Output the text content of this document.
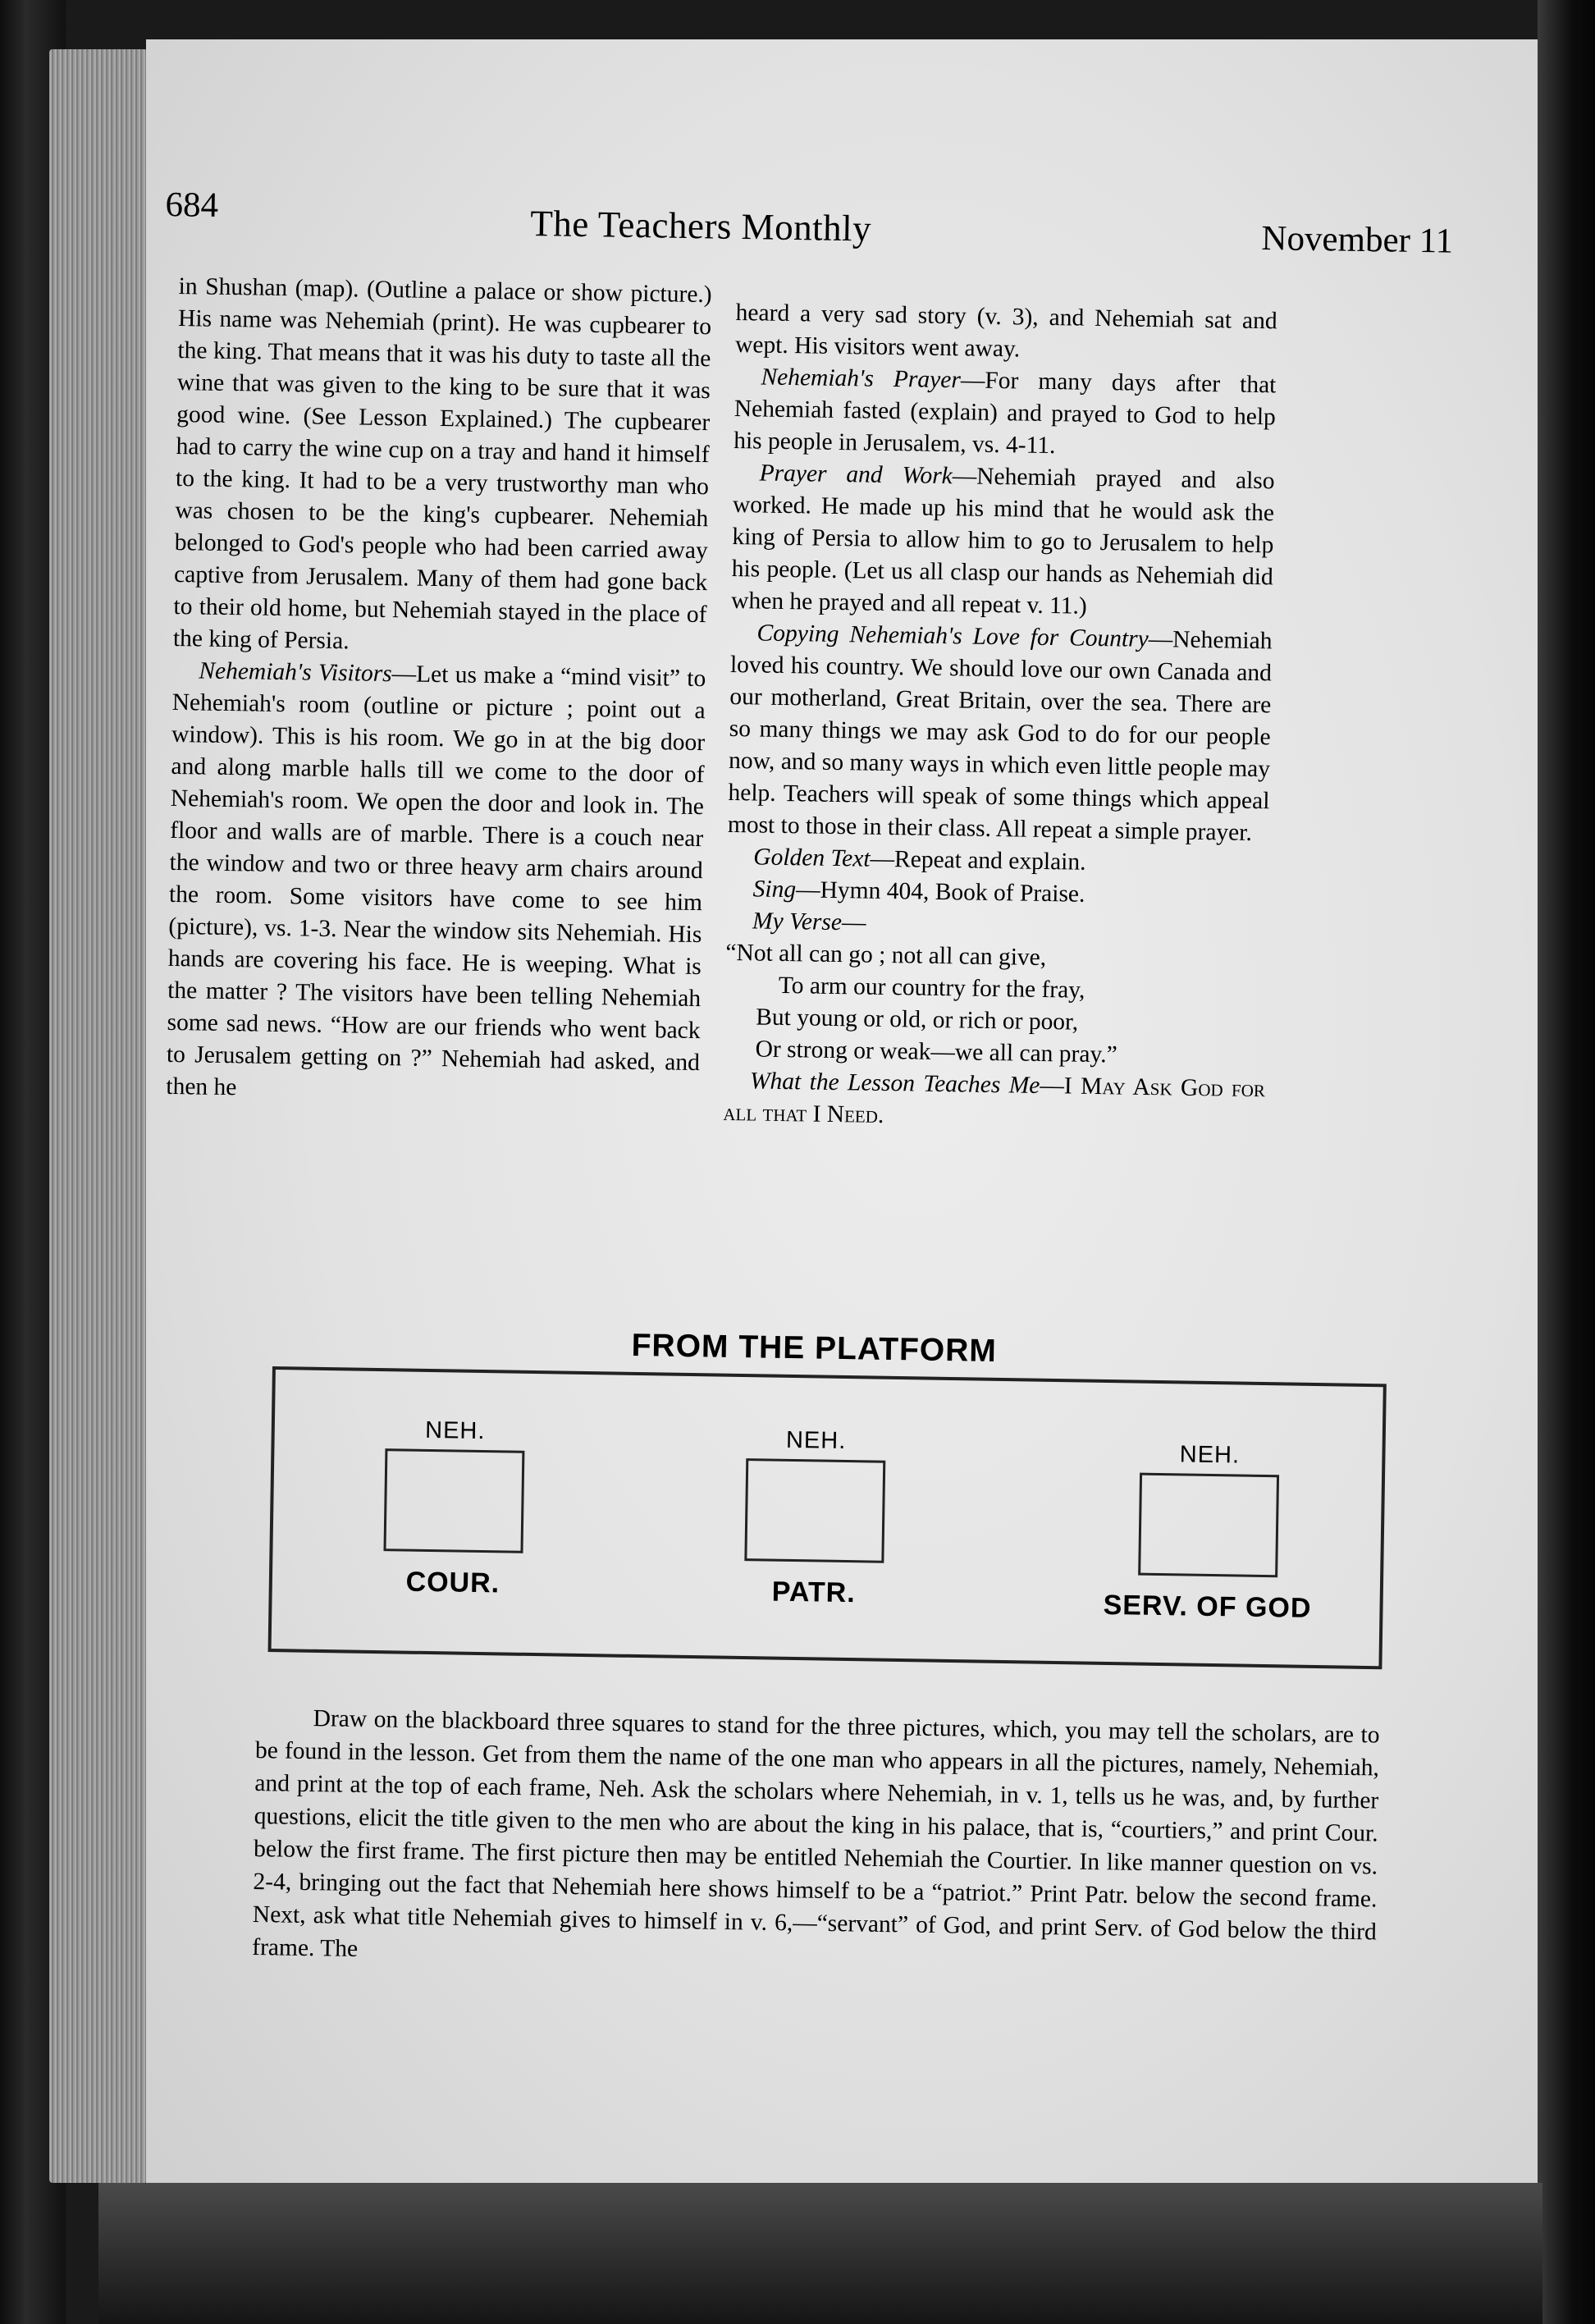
684	The Teachers Monthly	November 11

in Shushan (map). (Outline a palace or show picture.) His name was Nehemiah (print). He was cupbearer to the king. That means that it was his duty to taste all the wine that was given to the king to be sure that it was good wine. (See Lesson Explained.) The cupbearer had to carry the wine cup on a tray and hand it himself to the king. It had to be a very trustworthy man who was chosen to be the king's cupbearer. Nehemiah belonged to God's people who had been carried away captive from Jerusalem. Many of them had gone back to their old home, but Nehemiah stayed in the place of the king of Persia.

Nehemiah's Visitors—Let us make a “mind visit” to Nehemiah's room (outline or picture ; point out a window). This is his room. We go in at the big door and along marble halls till we come to the door of Nehemiah's room. We open the door and look in. The floor and walls are of marble. There is a couch near the window and two or three heavy arm chairs around the room. Some visitors have come to see him (picture), vs. 1-3. Near the window sits Nehemiah. His hands are covering his face. He is weeping. What is the matter ? The visitors have been telling Nehemiah some sad news. “How are our friends who went back to Jerusalem getting on ?” Nehemiah had asked, and then he

heard a very sad story (v. 3), and Nehemiah sat and wept. His visitors went away.

Nehemiah's Prayer—For many days after that Nehemiah fasted (explain) and prayed to God to help his people in Jerusalem, vs. 4-11.

Prayer and Work—Nehemiah prayed and also worked. He made up his mind that he would ask the king of Persia to allow him to go to Jerusalem to help his people. (Let us all clasp our hands as Nehemiah did when he prayed and all repeat v. 11.)

Copying Nehemiah's Love for Country—Nehemiah loved his country. We should love our own Canada and our motherland, Great Britain, over the sea. There are so many things we may ask God to do for our people now, and so many ways in which even little people may help. Teachers will speak of some things which appeal most to those in their class. All repeat a simple prayer.

Golden Text—Repeat and explain.

Sing—Hymn 404, Book of Praise.

My Verse—

“Not all can go ; not all can give,
To arm our country for the fray,
But young or old, or rich or poor,
Or strong or weak—we all can pray.”

What the Lesson Teaches Me—I May Ask God for all that I Need.

FROM THE PLATFORM
NEH.
COUR.
NEH.
PATR.
NEH.
SERV. OF GOD

Draw on the blackboard three squares to stand for the three pictures, which, you may tell the scholars, are to be found in the lesson. Get from them the name of the one man who appears in all the pictures, namely, Nehemiah, and print at the top of each frame, Neh. Ask the scholars where Nehemiah, in v. 1, tells us he was, and, by further questions, elicit the title given to the men who are about the king in his palace, that is, “courtiers,” and print Cour. below the first frame. The first picture then may be entitled Nehemiah the Courtier. In like manner question on vs. 2-4, bringing out the fact that Nehemiah here shows himself to be a “patriot.” Print Patr. below the second frame. Next, ask what title Nehemiah gives to himself in v. 6,—“servant” of God, and print Serv. of God below the third frame. The
